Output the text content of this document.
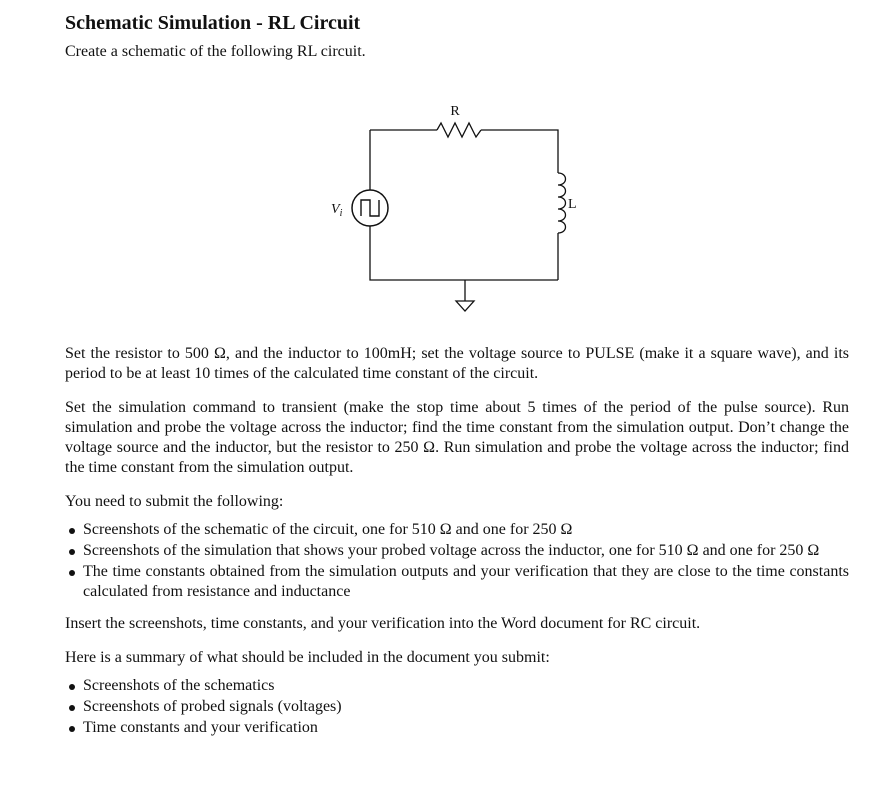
Schematic Simulation - RL Circuit

Create a schematic of the following RL circuit.

R
$V_i$
L

Set the resistor to 500 Ω, and the inductor to 100mH; set the voltage source to PULSE (make it a square wave), and its period to be at least 10 times of the calculated time constant of the circuit.

Set the simulation command to transient (make the stop time about 5 times of the period of the pulse source). Run simulation and probe the voltage across the inductor; find the time constant from the simulation output. Don’t change the voltage source and the inductor, but the resistor to 250 Ω. Run simulation and probe the voltage across the inductor; find the time constant from the simulation output.

You need to submit the following:

Screenshots of the schematic of the circuit, one for 510 Ω and one for 250 Ω
Screenshots of the simulation that shows your probed voltage across the inductor, one for 510 Ω and one for 250 Ω
The time constants obtained from the simulation outputs and your verification that they are close to the time constants calculated from resistance and inductance

Insert the screenshots, time constants, and your verification into the Word document for RC circuit.

Here is a summary of what should be included in the document you submit:

Screenshots of the schematics
Screenshots of probed signals (voltages)
Time constants and your verification
